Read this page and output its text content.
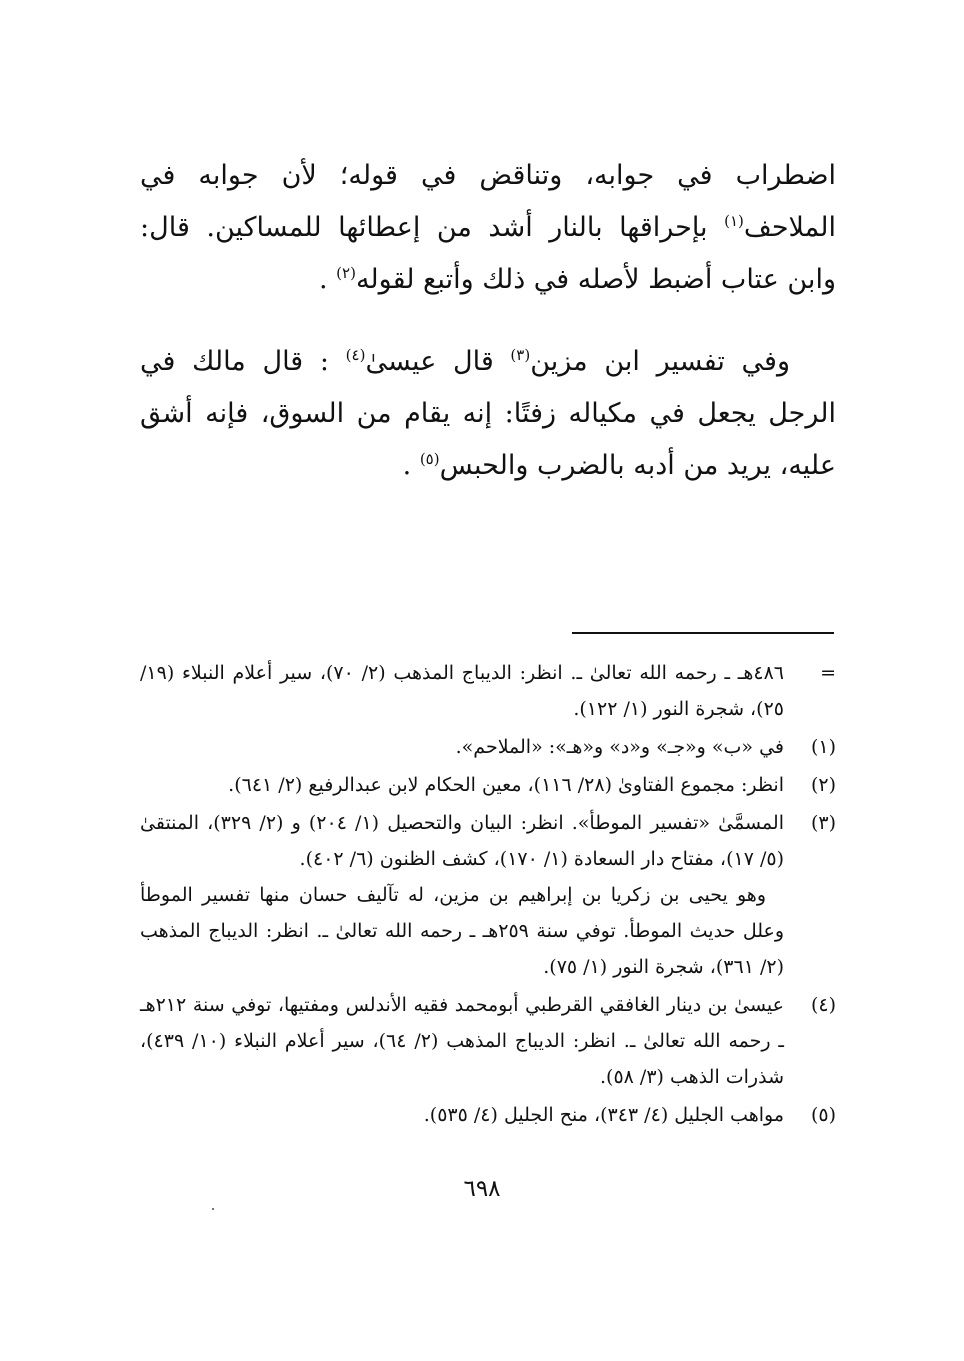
اضطراب في جوابه، وتناقض في قوله؛ لأن جوابه في الملاحف$^{(١)}$ بإحراقها بالنار أشد من إعطائها للمساكين. قال: وابن عتاب أضبط لأصله في ذلك وأتبع لقوله$^{(٢)}$ .

وفي تفسير ابن مزين$^{(٣)}$ قال عيسىٰ$^{(٤)}$ : قال مالك في الرجل يجعل في مكياله زفتًا: إنه يقام من السوق، فإنه أشق عليه، يريد من أدبه بالضرب والحبس$^{(٥)}$ .

=

٤٨٦هـ ـ رحمه الله تعالىٰ ـ. انظر: الديباج المذهب (٢/ ٧٠)، سير أعلام النبلاء (١٩/ ٢٥)، شجرة النور (١/ ١٢٢).

(١)

في «ب» و«جـ» و«د» و«هـ»: «الملاحم».

(٢)

انظر: مجموع الفتاوىٰ (٢٨/ ١١٦)، معين الحكام لابن عبدالرفيع (٢/ ٦٤١).

(٣)

المسمَّىٰ «تفسير الموطأ». انظر: البيان والتحصيل (١/ ٢٠٤) و (٢/ ٣٢٩)، المنتقىٰ (٥/ ١٧)، مفتاح دار السعادة (١/ ١٧٠)، كشف الظنون (٦/ ٤٠٢).

وهو يحيى بن زكريا بن إبراهيم بن مزين، له تآليف حسان منها تفسير الموطأ وعلل حديث الموطأ. توفي سنة ٢٥٩هـ ـ رحمه الله تعالىٰ ـ. انظر: الديباج المذهب (٢/ ٣٦١)، شجرة النور (١/ ٧٥).

(٤)

عيسىٰ بن دينار الغافقي القرطبي أبومحمد فقيه الأندلس ومفتيها، توفي سنة ٢١٢هـ ـ رحمه الله تعالىٰ ـ. انظر: الديباج المذهب (٢/ ٦٤)، سير أعلام النبلاء (١٠/ ٤٣٩)، شذرات الذهب (٣/ ٥٨).

(٥)

مواهب الجليل (٤/ ٣٤٣)، منح الجليل (٤/ ٥٣٥).

٦٩٨
